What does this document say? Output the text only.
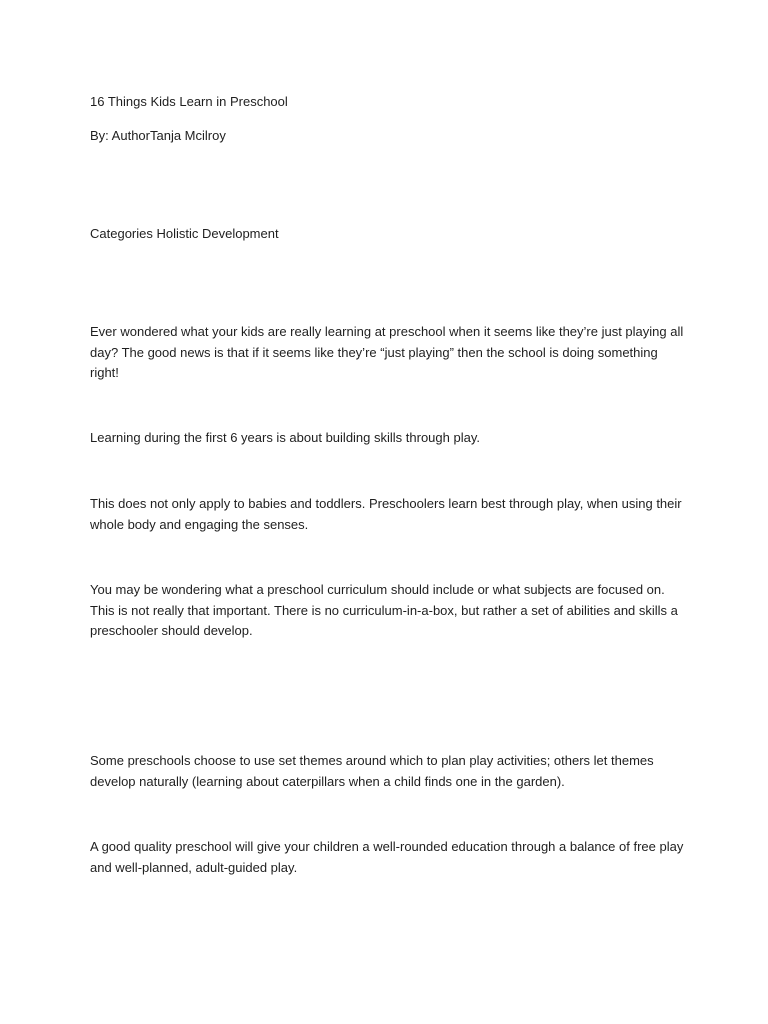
16 Things Kids Learn in Preschool

By: AuthorTanja Mcilroy

Categories Holistic Development

Ever wondered what your kids are really learning at preschool when it seems like they’re just playing all day? The good news is that if it seems like they’re “just playing” then the school is doing something right!

Learning during the first 6 years is about building skills through play.

This does not only apply to babies and toddlers. Preschoolers learn best through play, when using their whole body and engaging the senses.

You may be wondering what a preschool curriculum should include or what subjects are focused on. This is not really that important. There is no curriculum-in-a-box, but rather a set of abilities and skills a preschooler should develop.

Some preschools choose to use set themes around which to plan play activities; others let themes develop naturally (learning about caterpillars when a child finds one in the garden).

A good quality preschool will give your children a well-rounded education through a balance of free play and well-planned, adult-guided play.
